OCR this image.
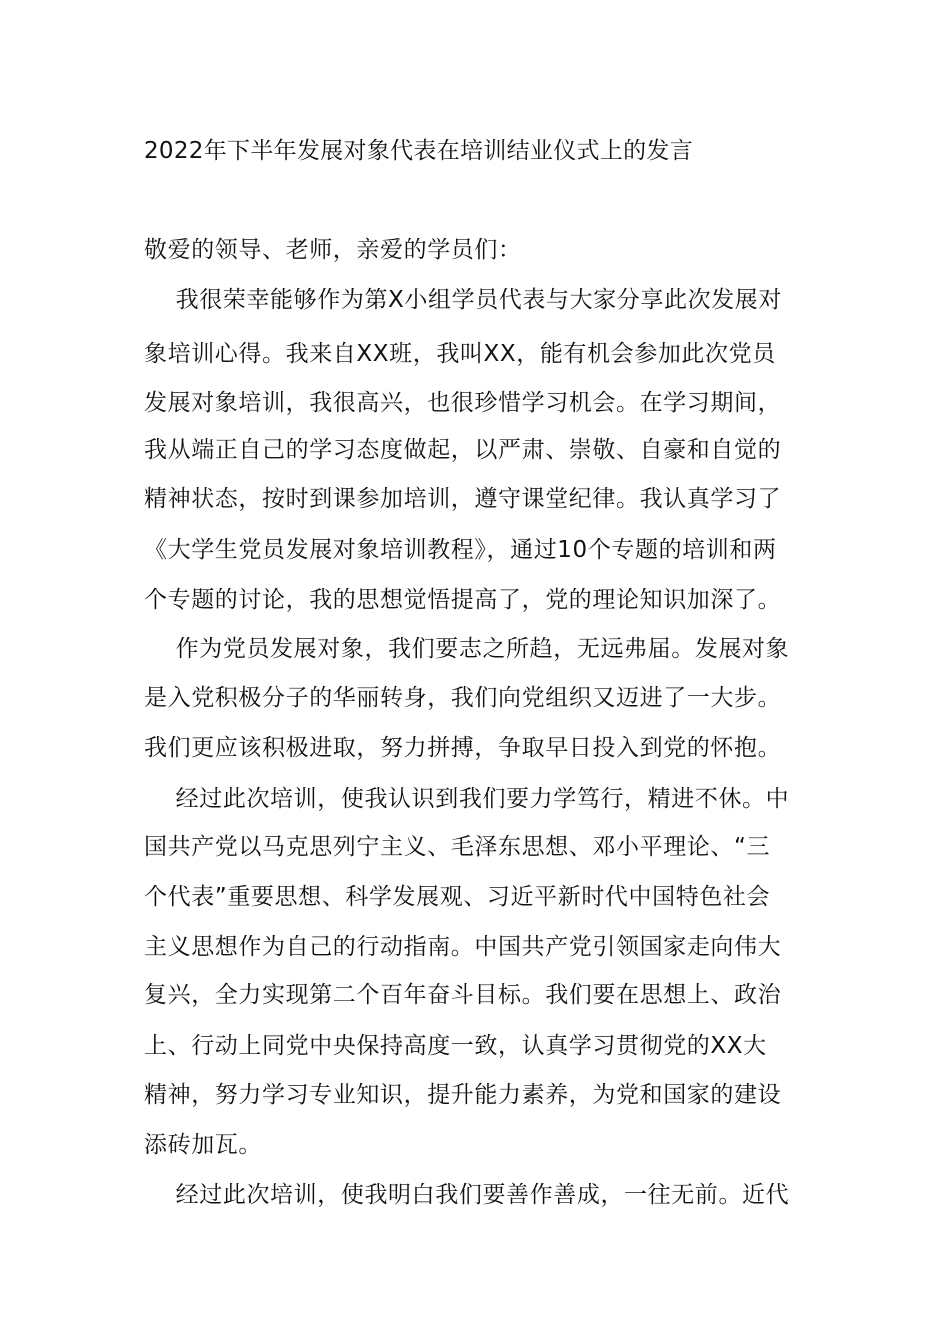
2022年下半年发展对象代表在培训结业仪式上的发言
敬爱的领导、老师，亲爱的学员们：
我很荣幸能够作为第X小组学员代表与大家分享此次发展对
象培训心得。我来自XX班，我叫XX，能有机会参加此次党员
发展对象培训，我很高兴，也很珍惜学习机会。在学习期间，
我从端正自己的学习态度做起，以严肃、崇敬、自豪和自觉的
精神状态，按时到课参加培训，遵守课堂纪律。我认真学习了
《大学生党员发展对象培训教程》，通过10个专题的培训和两
个专题的讨论，我的思想觉悟提高了，党的理论知识加深了。
作为党员发展对象，我们要志之所趋，无远弗届。发展对象
是入党积极分子的华丽转身，我们向党组织又迈进了一大步。
我们更应该积极进取，努力拼搏，争取早日投入到党的怀抱。
经过此次培训，使我认识到我们要力学笃行，精进不休。中
国共产党以马克思列宁主义、毛泽东思想、邓小平理论、“三
个代表”重要思想、科学发展观、习近平新时代中国特色社会
主义思想作为自己的行动指南。中国共产党引领国家走向伟大
复兴，全力实现第二个百年奋斗目标。我们要在思想上、政治
上、行动上同党中央保持高度一致，认真学习贯彻党的XX大
精神，努力学习专业知识，提升能力素养，为党和国家的建设
添砖加瓦。
经过此次培训，使我明白我们要善作善成，一往无前。近代
